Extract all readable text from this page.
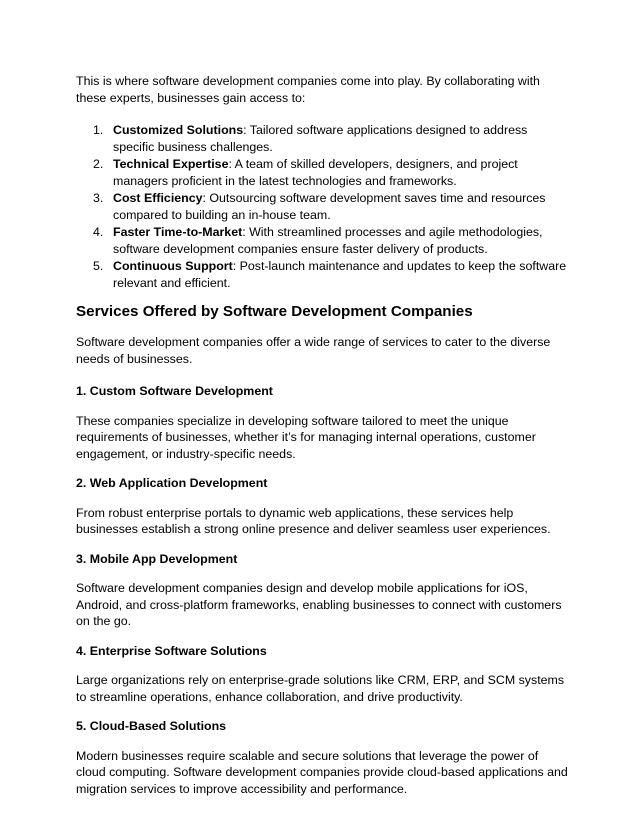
This is where software development companies come into play. By collaborating with these experts, businesses gain access to:

1. Customized Solutions: Tailored software applications designed to address specific business challenges.
2. Technical Expertise: A team of skilled developers, designers, and project managers proficient in the latest technologies and frameworks.
3. Cost Efficiency: Outsourcing software development saves time and resources compared to building an in-house team.
4. Faster Time-to-Market: With streamlined processes and agile methodologies, software development companies ensure faster delivery of products.
5. Continuous Support: Post-launch maintenance and updates to keep the software relevant and efficient.
Services Offered by Software Development Companies

Software development companies offer a wide range of services to cater to the diverse needs of businesses.

1. Custom Software Development

These companies specialize in developing software tailored to meet the unique requirements of businesses, whether it’s for managing internal operations, customer engagement, or industry-specific needs.

2. Web Application Development

From robust enterprise portals to dynamic web applications, these services help businesses establish a strong online presence and deliver seamless user experiences.

3. Mobile App Development

Software development companies design and develop mobile applications for iOS, Android, and cross-platform frameworks, enabling businesses to connect with customers on the go.

4. Enterprise Software Solutions

Large organizations rely on enterprise-grade solutions like CRM, ERP, and SCM systems to streamline operations, enhance collaboration, and drive productivity.

5. Cloud-Based Solutions

Modern businesses require scalable and secure solutions that leverage the power of cloud computing. Software development companies provide cloud-based applications and migration services to improve accessibility and performance.
